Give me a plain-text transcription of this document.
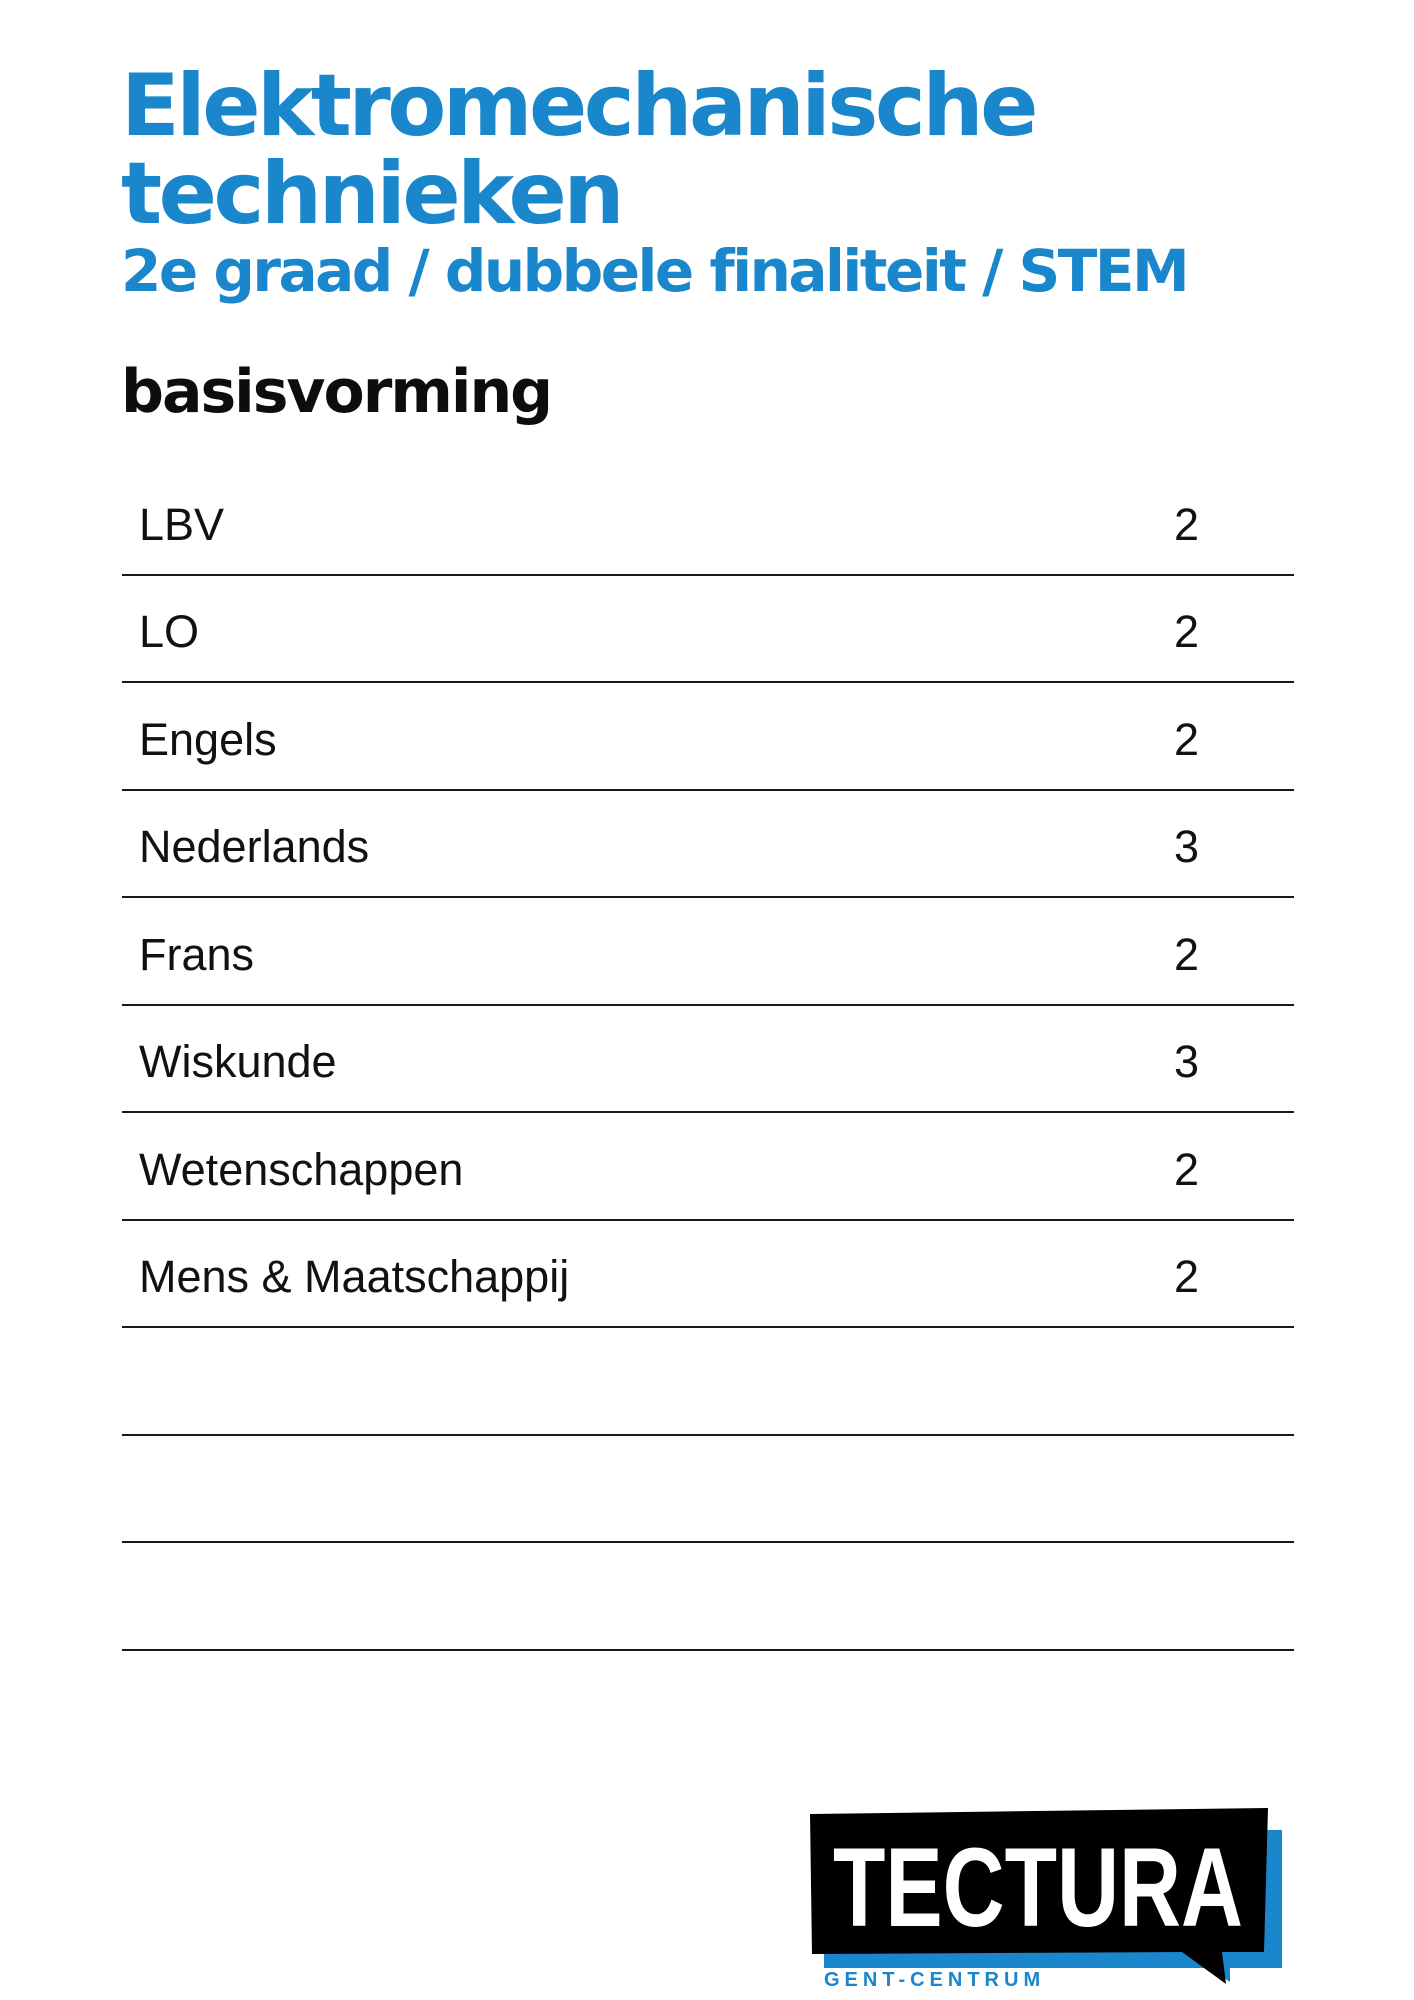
Elektromechanische technieken
2e graad / dubbele finaliteit / STEM
basisvorming
LBV	2
LO	2
Engels	2
Nederlands	3
Frans	2
Wiskunde	3
Wetenschappen	2
Mens & Maatschappij	2
TECTURA
GENT-CENTRUM
